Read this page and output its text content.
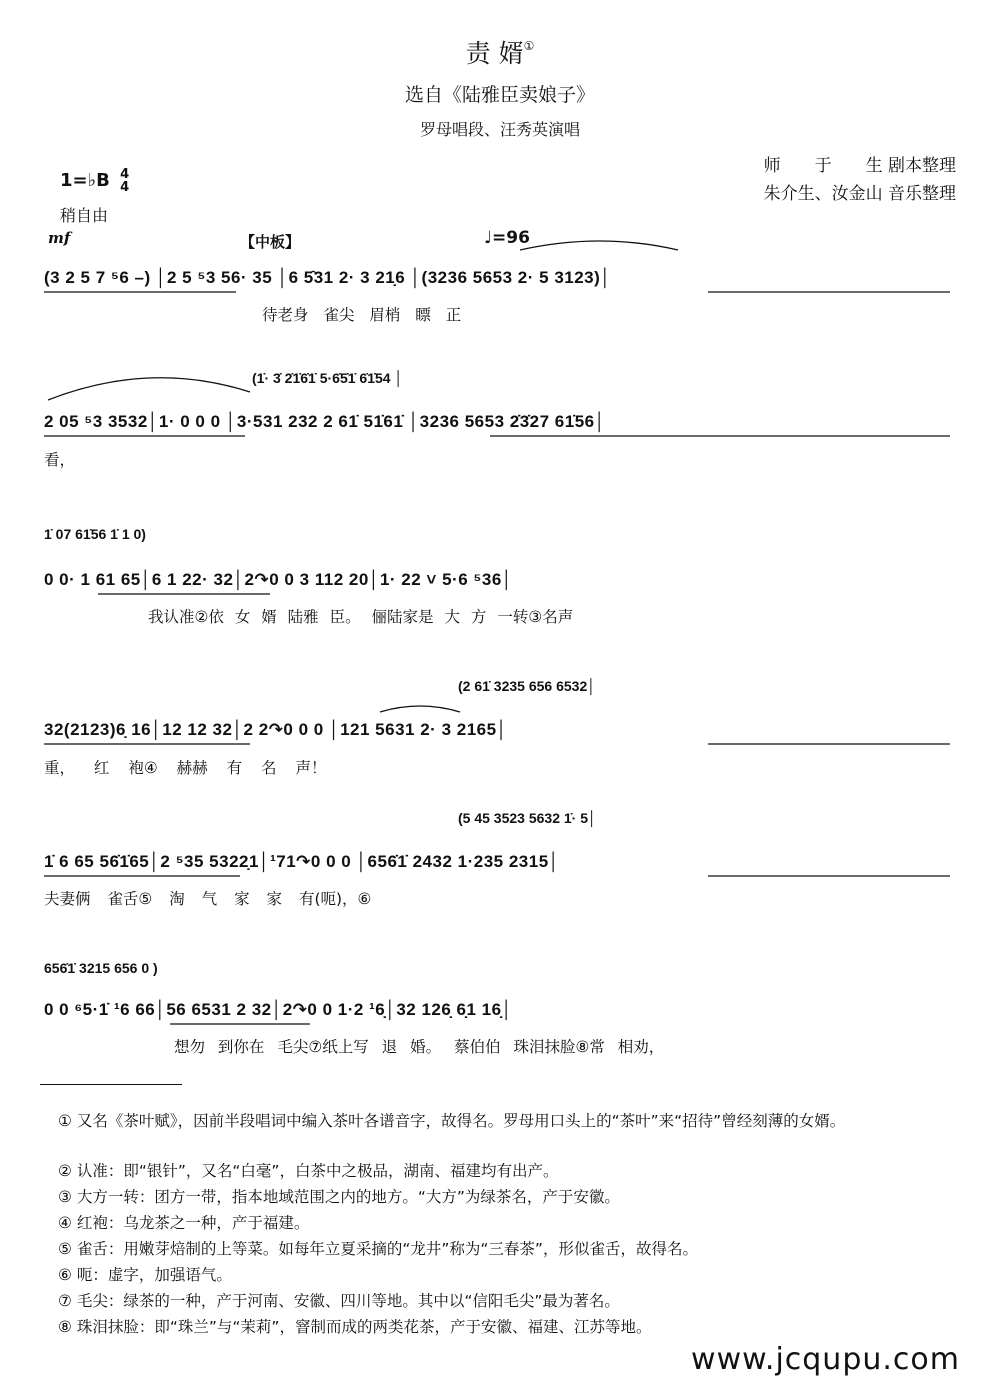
责 婿①
选自《陆雅臣卖娘子》
罗母唱段、汪秀英演唱
师　　于　　生 剧本整理
朱介生、汝金山 音乐整理
1=♭B 4
4
稍自由
mf	【中板】	♩=96
(3 2 5 7 ⁵6 –) │2 5 ⁵3 56· 35 │6 5̑31 2· 3 21̣6 │(3236 5653 2· 5 3123)│
待老身 雀尖 眉梢 瞟 正
(1̇· 3̇ 2̇1̇6̇1̇ 5·6̇5̇1̇ 6̇1̇54 │
2 05 ⁵3 3532│1· 0 0 0 │3·531 232 2 61̇ 51̇61̇ │3236 5653 2̇3̇27 61̇56│
看，
1̇ 07 61̇56 1̇ 1 0)
0 0· 1 61 65│6 1 22· 32│2↷0 0 3 112 20│1· 22 ˅ 5·6 ⁵36│
我认准②依 女 婿 陆雅 臣。 俪陆家是 大 方 一转③名声
(2 61̇ 3235 656 6532│
32(2123)6̣ 16│12 12 32│2 2↷0 0 0 │121 5631 2· 3 2165│
重， 红 袍④ 赫赫 有 名 声！
(5 45 3523 5632 1̇· 5│
1̇ 6 65 56̇1̇65│2 ⁵35 5322̣1│¹71↷0 0 0 │656̇1̇ 2432 1·235 2315│
夫妻俩 雀舌⑤ 淘 气 家 家 有(呃)，⑥
656̇1̇ 3215 656 0 )
0 0 ⁶5·1̇ ¹6 66│56 6531 2 32│2↷0 0 1·2 ¹6̣│32 126̣ 6̣1 16̣│
想勿 到你在 毛尖⑦纸上写 退 婚。 蔡伯伯 珠泪抹脸⑧常 相劝，
① 又名《茶叶赋》，因前半段唱词中编入茶叶各谱音字，故得名。罗母用口头上的“茶叶”来“招待”曾经刻薄的女婿。
② 认准：即“银针”，又名“白毫”，白茶中之极品，湖南、福建均有出产。
③ 大方一转：团方一带，指本地域范围之内的地方。“大方”为绿茶名，产于安徽。
④ 红袍：乌龙茶之一种，产于福建。
⑤ 雀舌：用嫩芽焙制的上等菜。如每年立夏采摘的“龙井”称为“三春茶”，形似雀舌，故得名。
⑥ 呃：虚字，加强语气。
⑦ 毛尖：绿茶的一种，产于河南、安徽、四川等地。其中以“信阳毛尖”最为著名。
⑧ 珠泪抹脸：即“珠兰”与“茉莉”，窨制而成的两类花茶，产于安徽、福建、江苏等地。
www.jcqupu.com
